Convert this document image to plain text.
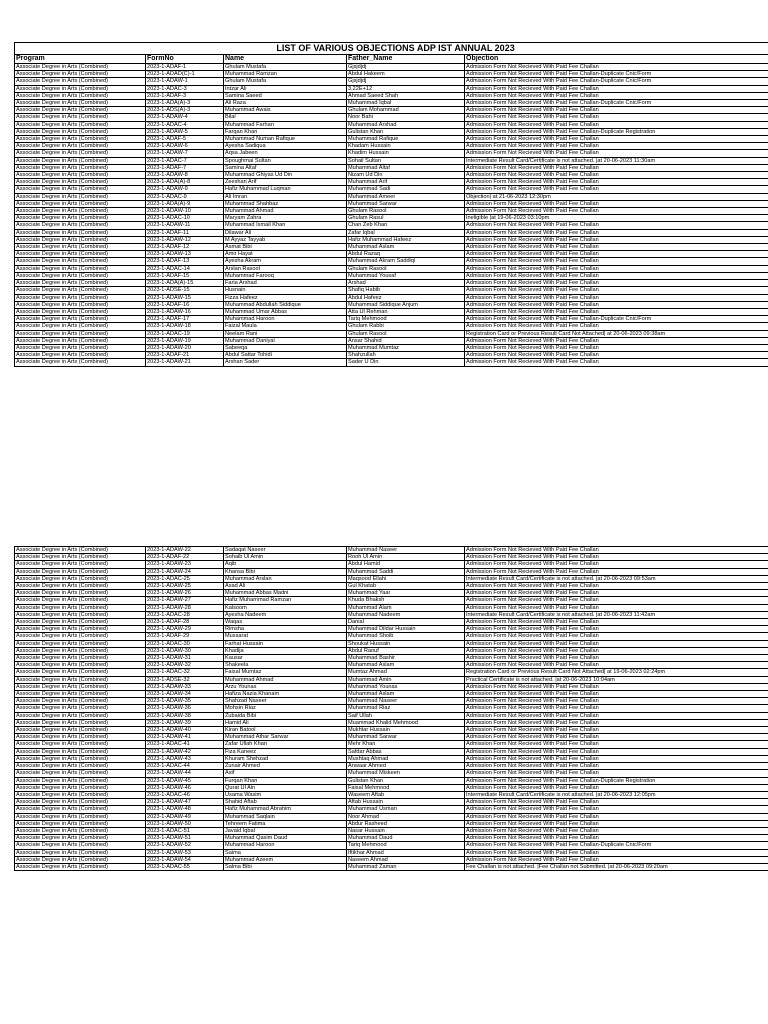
LIST OF VARIOUS OBJECTIONS ADP IST ANNUAL 2023				
Program	FormNo	Name	Father_Name	Objection
Associate Degree in Arts (Combined)	2023-1-ADAF-1	Ghulam Mustafa	Gjsjdjdj	Admission Form Not Recieved With Paid Fee Challan
Associate Degree in Arts (Combined)	2023-1-ADAD(C)-1	Muhammad Ramzan	Abdul Hakeem	Admission Form Not Recieved With Paid Fee Challan-Duplicate Cnic/Form
Associate Degree in Arts (Combined)	2023-1-ADAW-1	Ghulam Mustafa	Gjsjdjdj	Admission Form Not Recieved With Paid Fee Challan-Duplicate Cnic/Form
Associate Degree in Arts (Combined)	2023-1-ADAC-3	Intzar Ali	3.22E+12	Admission Form Not Recieved With Paid Fee Challan
Associate Degree in Arts (Combined)	2023-1-ADAF-3	Samina Saeed	Ahmad Saeed Shah	Admission Form Not Recieved With Paid Fee Challan
Associate Degree in Arts (Combined)	2023-1-ADA(A)-3	Ali Raza	Muhammad Iqbal	Admission Form Not Recieved With Paid Fee Challan-Duplicate Cnic/Form
Associate Degree in Arts (Combined)	2023-1-ADS(A)-3	Muhammad Awais	Ghulam Mohammad	Admission Form Not Recieved With Paid Fee Challan
Associate Degree in Arts (Combined)	2023-1-ADAW-4	Bilal	Noor Bahi	Admission Form Not Recieved With Paid Fee Challan
Associate Degree in Arts (Combined)	2023-1-ADAC-4	Muhammad Farhan	Muhammad Arshad	Admission Form Not Recieved With Paid Fee Challan
Associate Degree in Arts (Combined)	2023-1-ADAW-5	Farqan Khan	Gulistan Khan	Admission Form Not Recieved With Paid Fee Challan-Duplicate Registration
Associate Degree in Arts (Combined)	2023-1-ADAF-5	Muhammad Numan Rafique	Muhammad Rafique	Admission Form Not Recieved With Paid Fee Challan
Associate Degree in Arts (Combined)	2023-1-ADAW-6	Ayesha Sadiqua	Khadam Hussain	Admission Form Not Recieved With Paid Fee Challan
Associate Degree in Arts (Combined)	2023-1-ADAW-7	Aqsa Jabeen	Khadim Hussain	Admission Form Not Recieved With Paid Fee Challan
Associate Degree in Arts (Combined)	2023-1-ADAC-7	Spoughmai Sultan	Sohail Sultan	Intermediate Result Card/Certificate is not attached. |at 20-06-2023 11:30am
Associate Degree in Arts (Combined)	2023-1-ADAF-7	Samina Altaf	Muhammad Altaf	Admission Form Not Recieved With Paid Fee Challan
Associate Degree in Arts (Combined)	2023-1-ADAW-8	Muhammad Ghiyas Ud Din	Nizam Ud Din	Admission Form Not Recieved With Paid Fee Challan
Associate Degree in Arts (Combined)	2023-1-ADA(A)-8	Zeeshan Arif	Muhammad Arif	Admission Form Not Recieved With Paid Fee Challan
Associate Degree in Arts (Combined)	2023-1-ADAW-9	Hafiz Muhammad Luqman	Muhammad Sadi	Admission Form Not Recieved With Paid Fee Challan
Associate Degree in Arts (Combined)	2023-1-ADAC-9	Ali Imran	Muhammad Ameer	Objection| at 21-06-2023 12:30pm
Associate Degree in Arts (Combined)	2023-1-ADA(A)-9	Muhammad Shahbaz	Muhammad Sarwar	Admission Form Not Recieved With Paid Fee Challan
Associate Degree in Arts (Combined)	2023-1-ADAW-10	Muhammad Ahmad	Ghulam Rasool	Admission Form Not Recieved With Paid Fee Challan
Associate Degree in Arts (Combined)	2023-1-ADAC-10	Maryam Zahra	Ghulam Rasul	Ineligible |at 19-06-2023 03:10pm
Associate Degree in Arts (Combined)	2023-1-ADAW-11	Muhammad Ismail Khan	Chan Zeb Khan	Admission Form Not Recieved With Paid Fee Challan
Associate Degree in Arts (Combined)	2023-1-ADAF-11	Dilawar Ali	Zafar Iqbal	Admission Form Not Recieved With Paid Fee Challan
Associate Degree in Arts (Combined)	2023-1-ADAW-12	M Ayyaz Tayyab	Hafiz Muhammad Hafeez	Admission Form Not Recieved With Paid Fee Challan
Associate Degree in Arts (Combined)	2023-1-ADAF-12	Asmat Bibi	Muhammad Aslam	Admission Form Not Recieved With Paid Fee Challan
Associate Degree in Arts (Combined)	2023-1-ADAW-13	Amir Hayat	Abdul Razaq	Admission Form Not Recieved With Paid Fee Challan
Associate Degree in Arts (Combined)	2023-1-ADAF-13	Ayesha Akram	Muhammad Akram Saddiqi	Admission Form Not Recieved With Paid Fee Challan
Associate Degree in Arts (Combined)	2023-1-ADAC-14	Arslan Rasool	Ghulam Rasool	Admission Form Not Recieved With Paid Fee Challan
Associate Degree in Arts (Combined)	2023-1-ADAF-15	Muhammad Farooq	Muhammad Yousaf	Admission Form Not Recieved With Paid Fee Challan
Associate Degree in Arts (Combined)	2023-1-ADA(A)-15	Faria Arshad	Arshad	Admission Form Not Recieved With Paid Fee Challan
Associate Degree in Arts (Combined)	2023-1-ADSE-15	Husnain	Shafiq Habib	Admission Form Not Recieved With Paid Fee Challan
Associate Degree in Arts (Combined)	2023-1-ADAW-15	Fizza Hafeez	Abdul Hafeez	Admission Form Not Recieved With Paid Fee Challan
Associate Degree in Arts (Combined)	2023-1-ADAF-16	Muhammad Abdullah Siddique	Muhammad Siddique Anjum	Admission Form Not Recieved With Paid Fee Challan
Associate Degree in Arts (Combined)	2023-1-ADAW-16	Muhammad Umar Abbas	Atta Ul Rehman	Admission Form Not Recieved With Paid Fee Challan
Associate Degree in Arts (Combined)	2023-1-ADAF-17	Muhammad Haroon	Tariq Mehmood	Admission Form Not Recieved With Paid Fee Challan-Duplicate Cnic/Form
Associate Degree in Arts (Combined)	2023-1-ADAW-18	Faizal Maula	Ghulam Rabbi	Admission Form Not Recieved With Paid Fee Challan
Associate Degree in Arts (Combined)	2023-1-ADAC-19	Neelam Rani	Ghulam Rasool	Registration Card or Previous Result Card Not Attached| at 20-06-2023 09:38am
Associate Degree in Arts (Combined)	2023-1-ADAW-19	Muhammad Daniyal	Ansar Shahid	Admission Form Not Recieved With Paid Fee Challan
Associate Degree in Arts (Combined)	2023-1-ADAW-20	Sabeeqa	Muhammad Mumtaz	Admission Form Not Recieved With Paid Fee Challan
Associate Degree in Arts (Combined)	2023-1-ADAF-21	Abdul Sattar Tohidi	Shahzullah	Admission Form Not Recieved With Paid Fee Challan
Associate Degree in Arts (Combined)	2023-1-ADAW-21	Arshan Sader	Sader U Din	Admission Form Not Recieved With Paid Fee Challan
Associate Degree in Arts (Combined)	2023-1-ADAW-22	Sadaqat Naseer	Muhammad Naseer	Admission Form Not Recieved With Paid Fee Challan
Associate Degree in Arts (Combined)	2023-1-ADAF-22	Sohaib Ul Amin	Rooh Ul Amin	Admission Form Not Recieved With Paid Fee Challan
Associate Degree in Arts (Combined)	2023-1-ADAW-23	Aqib	Abdul Hamid	Admission Form Not Recieved With Paid Fee Challan
Associate Degree in Arts (Combined)	2023-1-ADAW-24	Khansa Bibi	Muhammad Saddi	Admission Form Not Recieved With Paid Fee Challan
Associate Degree in Arts (Combined)	2023-1-ADAC-25	Muhammad Arslan	Maqsood Ellahi	Intermediate Result Card/Certificate is not attached. |at 20-06-2023 09:53am
Associate Degree in Arts (Combined)	2023-1-ADAW-25	Asad Ali	Gul Khatab	Admission Form Not Recieved With Paid Fee Challan
Associate Degree in Arts (Combined)	2023-1-ADAW-26	Muhammad Abbas Madni	Muhammad Yaar	Admission Form Not Recieved With Paid Fee Challan
Associate Degree in Arts (Combined)	2023-1-ADAW-27	Hafiz Muhammad Ramzan	Khuda Bhaksh	Admission Form Not Recieved With Paid Fee Challan
Associate Degree in Arts (Combined)	2023-1-ADAW-28	Kalsoom	Muhammad Alam	Admission Form Not Recieved With Paid Fee Challan
Associate Degree in Arts (Combined)	2023-1-ADAC-28	Ayesha Nadeem	Muhammad Nadeem	Intermediate Result Card/Certificate is not attached. |at 20-06-2023 11:42am
Associate Degree in Arts (Combined)	2023-1-ADAF-28	Waqas	Danial	Admission Form Not Recieved With Paid Fee Challan
Associate Degree in Arts (Combined)	2023-1-ADAW-29	Rimsha	Muhammad Dildar Hussain	Admission Form Not Recieved With Paid Fee Challan
Associate Degree in Arts (Combined)	2023-1-ADAF-29	Mussarat	Muhammad Shoib	Admission Form Not Recieved With Paid Fee Challan
Associate Degree in Arts (Combined)	2023-1-ADAC-30	Farhat Hussain	Shoukat Hussain	Admission Form Not Recieved With Paid Fee Challan
Associate Degree in Arts (Combined)	2023-1-ADAW-30	Khadija	Abdul Raouf	Admission Form Not Recieved With Paid Fee Challan
Associate Degree in Arts (Combined)	2023-1-ADAW-31	Kausar	Muhammad Bashir	Admission Form Not Recieved With Paid Fee Challan
Associate Degree in Arts (Combined)	2023-1-ADAW-32	Shakeela	Muhammad Aslam	Admission Form Not Recieved With Paid Fee Challan
Associate Degree in Arts (Combined)	2023-1-ADAC-32	Faisal Mumtaz	Mumtaz Ahmad	Registration Card or Previous Result Card Not Attached| at 19-06-2023 02:24pm
Associate Degree in Arts (Combined)	2023-1-ADSE-32	Muhammad Ahmad	Muhammad Amin	Practical Certificate is not attached. |at 20-06-2023 10:04am
Associate Degree in Arts (Combined)	2023-1-ADAW-33	Arzu Younas	Muhammad Younas	Admission Form Not Recieved With Paid Fee Challan
Associate Degree in Arts (Combined)	2023-1-ADAW-34	Hafiza Nazia Khanam	Muhammad Aslam	Admission Form Not Recieved With Paid Fee Challan
Associate Degree in Arts (Combined)	2023-1-ADAW-35	Shahzad Naseer	Muhammad Naseer	Admission Form Not Recieved With Paid Fee Challan
Associate Degree in Arts (Combined)	2023-1-ADAW-36	Mohsin Riaz	Muhammad Riaz	Admission Form Not Recieved With Paid Fee Challan
Associate Degree in Arts (Combined)	2023-1-ADAW-38	Zubaida Bibi	Saif Ullah	Admission Form Not Recieved With Paid Fee Challan
Associate Degree in Arts (Combined)	2023-1-ADAW-39	Hamid Ali	Muammad Khalid Mehmood	Admission Form Not Recieved With Paid Fee Challan
Associate Degree in Arts (Combined)	2023-1-ADAW-40	Kiran Batool	Mukhtar Hussain	Admission Form Not Recieved With Paid Fee Challan
Associate Degree in Arts (Combined)	2023-1-ADAW-41	Muhammad Athar Sarwar	Muhammad Sarwar	Admission Form Not Recieved With Paid Fee Challan
Associate Degree in Arts (Combined)	2023-1-ADAC-41	Zafar Ullah Khan	Mehr Khan	Admission Form Not Recieved With Paid Fee Challan
Associate Degree in Arts (Combined)	2023-1-ADAW-42	Fiza Kaneez	Safdar Abbas	Admission Form Not Recieved With Paid Fee Challan
Associate Degree in Arts (Combined)	2023-1-ADAW-43	Khuram Shehzad	Mushtaq Ahmad	Admission Form Not Recieved With Paid Fee Challan
Associate Degree in Arts (Combined)	2023-1-ADAC-44	Zunair Ahmed	Anwaar Ahmed	Admission Form Not Recieved With Paid Fee Challan
Associate Degree in Arts (Combined)	2023-1-ADAW-44	Asif	Muhammad Miskeen	Admission Form Not Recieved With Paid Fee Challan
Associate Degree in Arts (Combined)	2023-1-ADAW-45	Furqan Khan	Gulistan Khan	Admission Form Not Recieved With Paid Fee Challan-Duplicate Registration
Associate Degree in Arts (Combined)	2023-1-ADAW-46	Qurat Ul Ain	Faisal Mehmood	Admission Form Not Recieved With Paid Fee Challan
Associate Degree in Arts (Combined)	2023-1-ADAC-46	Usama Wasim	Waseem Aftab	Intermediate Result Card/Certificate is not attached. |at 20-06-2023 12:05pm
Associate Degree in Arts (Combined)	2023-1-ADAW-47	Shahid Aftab	Aftab Hussain	Admission Form Not Recieved With Paid Fee Challan
Associate Degree in Arts (Combined)	2023-1-ADAW-48	Hafiz Muhammad Abrahim	Muhammad Usman	Admission Form Not Recieved With Paid Fee Challan
Associate Degree in Arts (Combined)	2023-1-ADAW-49	Muhammad Saqlain	Noor Ahmad	Admission Form Not Recieved With Paid Fee Challan
Associate Degree in Arts (Combined)	2023-1-ADAW-50	Tehreem Fatima	Abdur Rasheed	Admission Form Not Recieved With Paid Fee Challan
Associate Degree in Arts (Combined)	2023-1-ADAC-51	Javaid Iqbal	Nasar Hussain	Admission Form Not Recieved With Paid Fee Challan
Associate Degree in Arts (Combined)	2023-1-ADAW-51	Muhammad Qasim Daud	Muhammad Daud	Admission Form Not Recieved With Paid Fee Challan
Associate Degree in Arts (Combined)	2023-1-ADAW-52	Muhammad Haroon	Tariq Mehmood	Admission Form Not Recieved With Paid Fee Challan-Duplicate Cnic/Form
Associate Degree in Arts (Combined)	2023-1-ADAW-53	Saima	Iftikhar Ahmad	Admission Form Not Recieved With Paid Fee Challan
Associate Degree in Arts (Combined)	2023-1-ADAW-54	Muhammad Azeem	Naseem Ahmad	Admission Form Not Recieved With Paid Fee Challan
Associate Degree in Arts (Combined)	2023-1-ADAC-55	Salma Bibi	Muhammad Zaman	Fee Challan is not attached. |Fee Challan not Submitted. |at 20-06-2023 09:20am
